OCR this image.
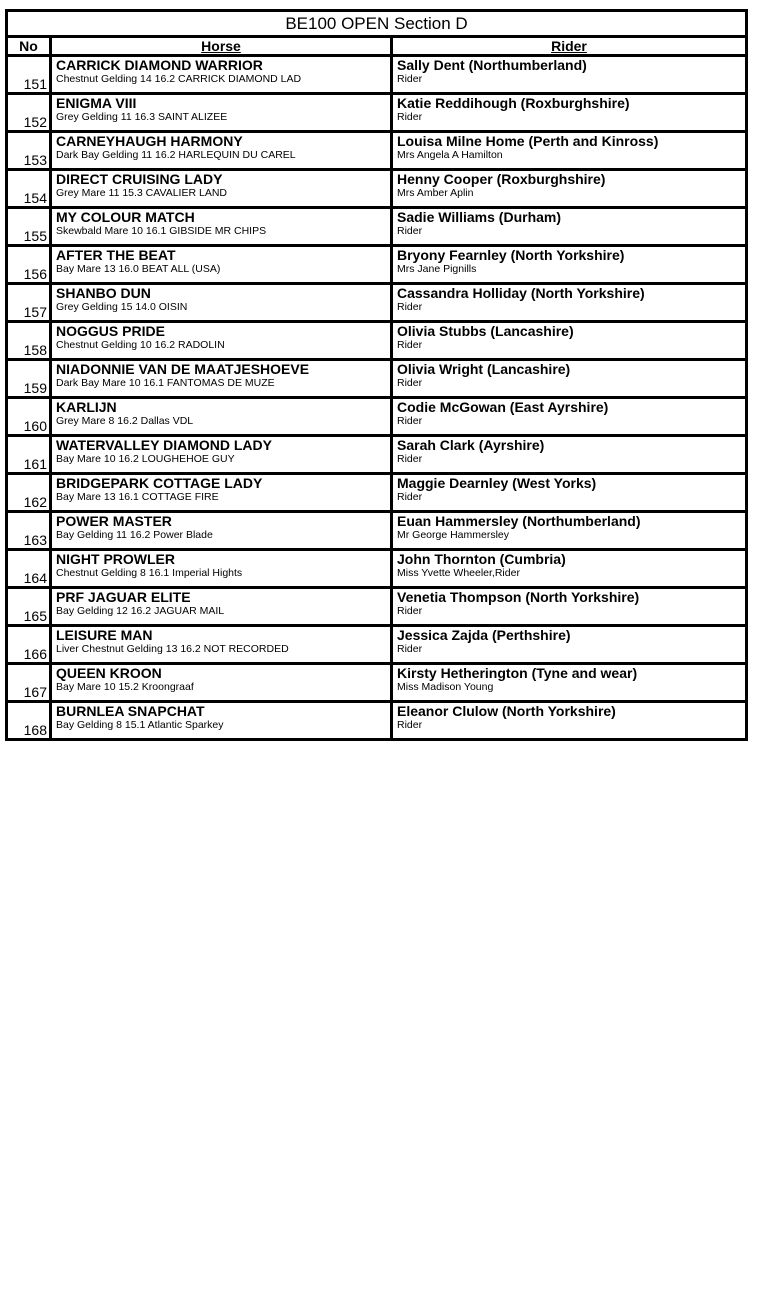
BE100 OPEN Section D
No	Horse	Rider
151
CARRICK DIAMOND WARRIOR
Chestnut Gelding 14 16.2 CARRICK DIAMOND LAD
Sally Dent (Northumberland)
Rider
152
ENIGMA VIII
Grey Gelding 11 16.3 SAINT ALIZEE
Katie Reddihough (Roxburghshire)
Rider
153
CARNEYHAUGH HARMONY
Dark Bay Gelding 11 16.2 HARLEQUIN DU CAREL
Louisa Milne Home (Perth and Kinross)
Mrs Angela A Hamilton
154
DIRECT CRUISING LADY
Grey Mare 11 15.3 CAVALIER LAND
Henny Cooper (Roxburghshire)
Mrs Amber Aplin
155
MY COLOUR MATCH
Skewbald Mare 10 16.1 GIBSIDE MR CHIPS
Sadie Williams (Durham)
Rider
156
AFTER THE BEAT
Bay Mare 13 16.0 BEAT ALL (USA)
Bryony Fearnley (North Yorkshire)
Mrs Jane Pignills
157
SHANBO DUN
Grey Gelding 15 14.0 OISIN
Cassandra Holliday (North Yorkshire)
Rider
158
NOGGUS PRIDE
Chestnut Gelding 10 16.2 RADOLIN
Olivia Stubbs (Lancashire)
Rider
159
NIADONNIE VAN DE MAATJESHOEVE
Dark Bay Mare 10 16.1 FANTOMAS DE MUZE
Olivia Wright (Lancashire)
Rider
160
KARLIJN
Grey Mare 8 16.2 Dallas VDL
Codie McGowan (East Ayrshire)
Rider
161
WATERVALLEY DIAMOND LADY
Bay Mare 10 16.2 LOUGHEHOE GUY
Sarah Clark (Ayrshire)
Rider
162
BRIDGEPARK COTTAGE LADY
Bay Mare 13 16.1 COTTAGE FIRE
Maggie Dearnley (West Yorks)
Rider
163
POWER MASTER
Bay Gelding 11 16.2 Power Blade
Euan Hammersley (Northumberland)
Mr George Hammersley
164
NIGHT PROWLER
Chestnut Gelding 8 16.1 Imperial Hights
John Thornton (Cumbria)
Miss Yvette Wheeler,Rider
165
PRF JAGUAR ELITE
Bay Gelding 12 16.2 JAGUAR MAIL
Venetia Thompson (North Yorkshire)
Rider
166
LEISURE MAN
Liver Chestnut Gelding 13 16.2 NOT RECORDED
Jessica Zajda (Perthshire)
Rider
167
QUEEN KROON
Bay Mare 10 15.2 Kroongraaf
Kirsty Hetherington (Tyne and wear)
Miss Madison Young
168
BURNLEA SNAPCHAT
Bay Gelding 8 15.1 Atlantic Sparkey
Eleanor Clulow (North Yorkshire)
Rider
